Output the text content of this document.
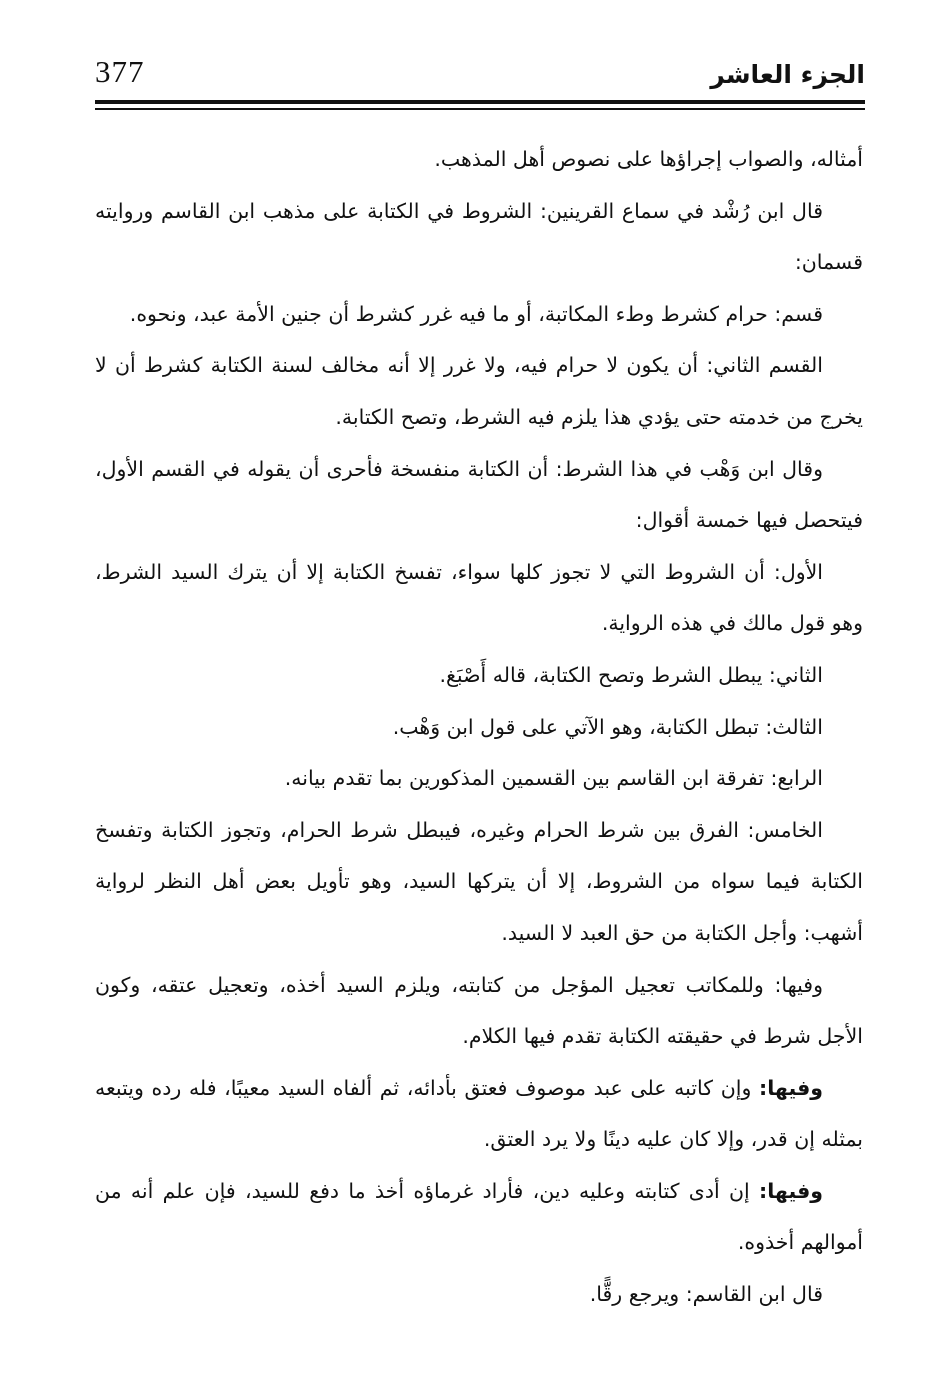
377	الجزء العاشر

أمثاله، والصواب إجراؤها على نصوص أهل المذهب.

قال ابن رُشْد في سماع القرينين: الشروط في الكتابة على مذهب ابن القاسم وروايته قسمان:

قسم: حرام كشرط وطء المكاتبة، أو ما فيه غرر كشرط أن جنين الأمة عبد، ونحوه.

القسم الثاني: أن يكون لا حرام فيه، ولا غرر إلا أنه مخالف لسنة الكتابة كشرط أن لا يخرج من خدمته حتى يؤدي هذا يلزم فيه الشرط، وتصح الكتابة.

وقال ابن وَهْب في هذا الشرط: أن الكتابة منفسخة فأحرى أن يقوله في القسم الأول، فيتحصل فيها خمسة أقوال:

الأول: أن الشروط التي لا تجوز كلها سواء، تفسخ الكتابة إلا أن يترك السيد الشرط، وهو قول مالك في هذه الرواية.

الثاني: يبطل الشرط وتصح الكتابة، قاله أَصْبَغ.

الثالث: تبطل الكتابة، وهو الآتي على قول ابن وَهْب.

الرابع: تفرقة ابن القاسم بين القسمين المذكورين بما تقدم بيانه.

الخامس: الفرق بين شرط الحرام وغيره، فيبطل شرط الحرام، وتجوز الكتابة وتفسخ الكتابة فيما سواه من الشروط، إلا أن يتركها السيد، وهو تأويل بعض أهل النظر لرواية أشهب: وأجل الكتابة من حق العبد لا السيد.

وفيها: وللمكاتب تعجيل المؤجل من كتابته، ويلزم السيد أخذه، وتعجيل عتقه، وكون الأجل شرط في حقيقته الكتابة تقدم فيها الكلام.

وفيها: وإن كاتبه على عبد موصوف فعتق بأدائه، ثم ألفاه السيد معيبًا، فله رده ويتبعه بمثله إن قدر، وإلا كان عليه دينًا ولا يرد العتق.

وفيها: إن أدى كتابته وعليه دين، فأراد غرماؤه أخذ ما دفع للسيد، فإن علم أنه من أموالهم أخذوه.

قال ابن القاسم: ويرجع رقًّا.
